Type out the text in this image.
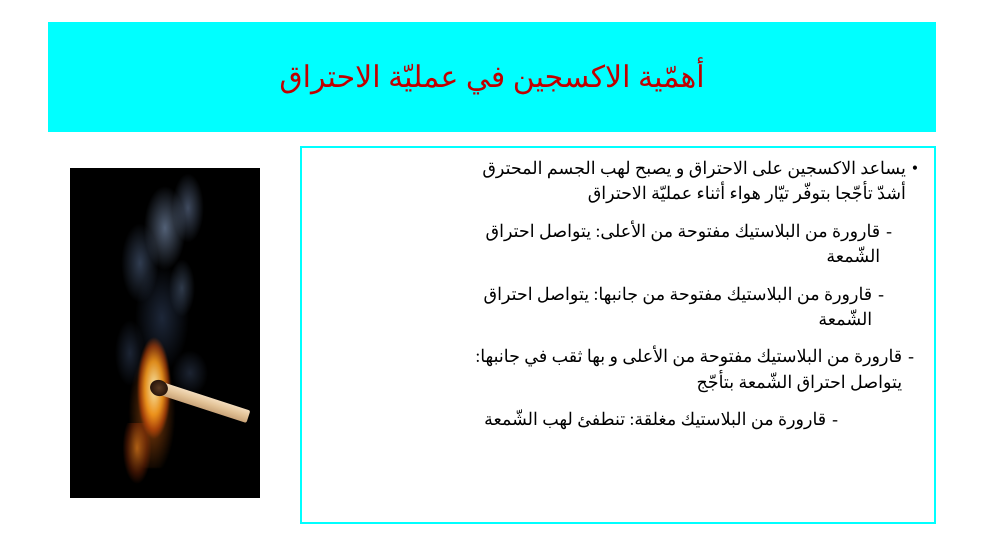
أهمّية الاكسجين في عمليّة الاحتراق
•
يساعد الاكسجين على الاحتراق و يصبح لهب الجسم المحترق
أشدّ تأجّجا بتوفّر تيّار هواء أثناء عمليّة الاحتراق
-
قارورة من البلاستيك مفتوحة من الأعلى: يتواصل احتراق
الشّمعة
-
قارورة من البلاستيك مفتوحة من جانبها: يتواصل احتراق
الشّمعة
-
قارورة من البلاستيك مفتوحة من الأعلى و بها ثقب في جانبها:
يتواصل احتراق الشّمعة بتأجّج
-
قارورة من البلاستيك مغلقة: تنطفئ لهب الشّمعة
